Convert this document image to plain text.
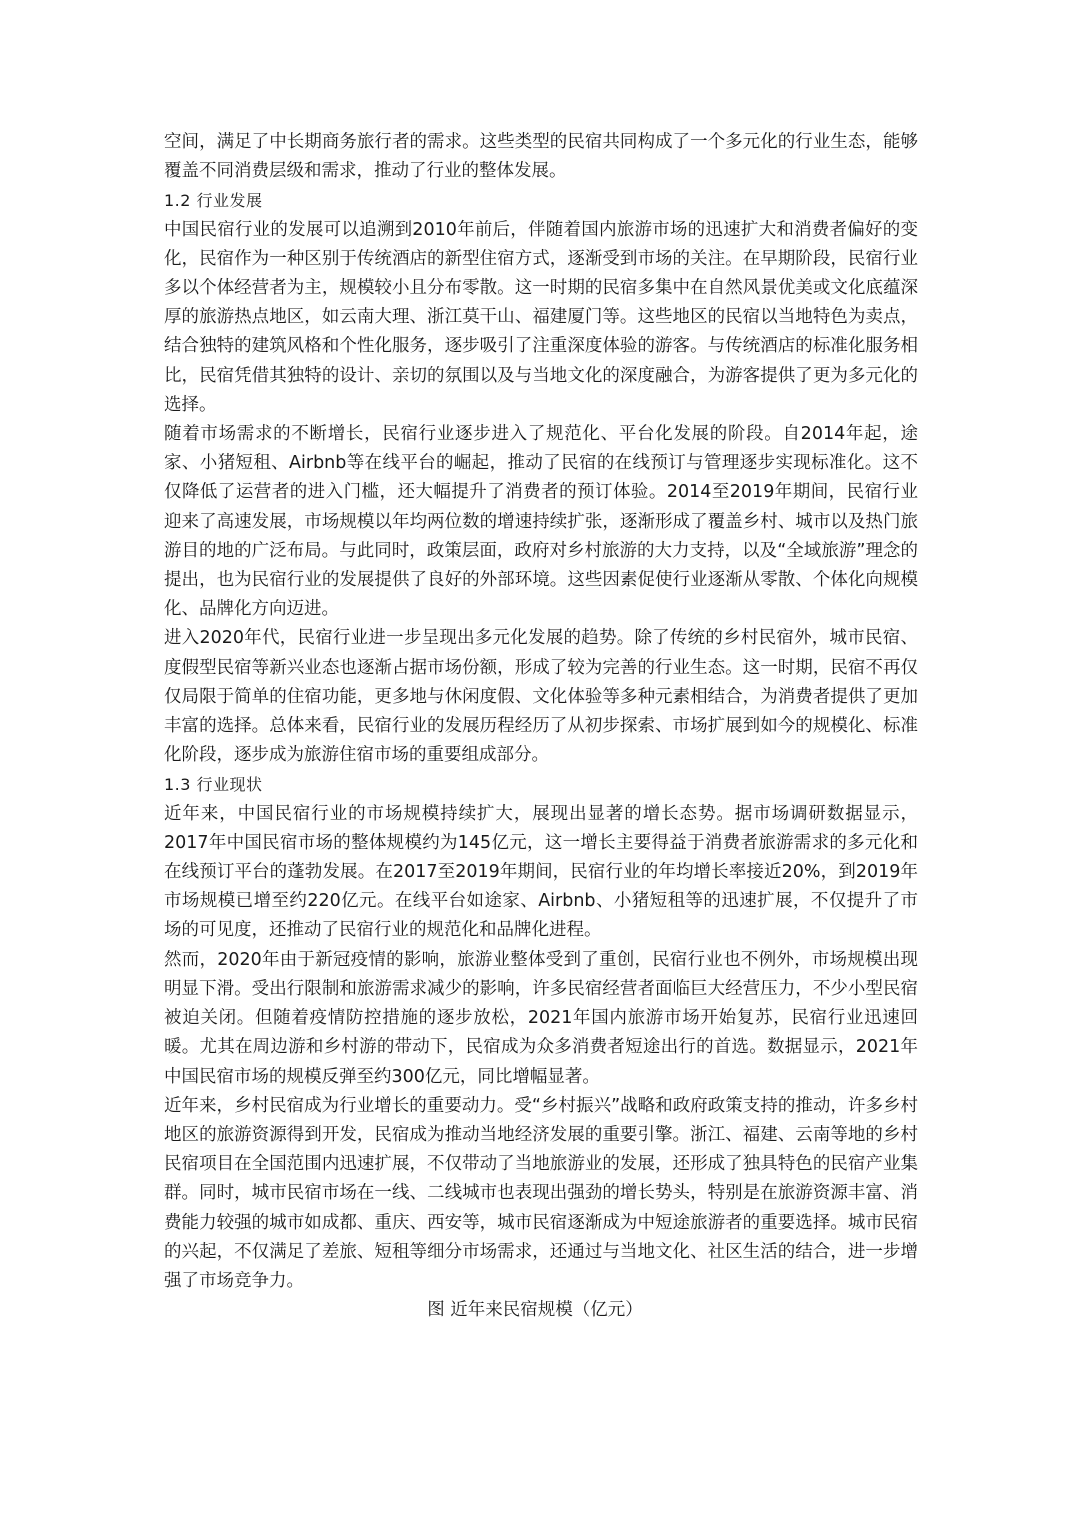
空间，满足了中长期商务旅行者的需求。这些类型的民宿共同构成了一个多元化的行业生态，能够覆盖不同消费层级和需求，推动了行业的整体发展。

1.2 行业发展

中国民宿行业的发展可以追溯到2010年前后，伴随着国内旅游市场的迅速扩大和消费者偏好的变化，民宿作为一种区别于传统酒店的新型住宿方式，逐渐受到市场的关注。在早期阶段，民宿行业多以个体经营者为主，规模较小且分布零散。这一时期的民宿多集中在自然风景优美或文化底蕴深厚的旅游热点地区，如云南大理、浙江莫干山、福建厦门等。这些地区的民宿以当地特色为卖点，结合独特的建筑风格和个性化服务，逐步吸引了注重深度体验的游客。与传统酒店的标准化服务相比，民宿凭借其独特的设计、亲切的氛围以及与当地文化的深度融合，为游客提供了更为多元化的选择。

随着市场需求的不断增长，民宿行业逐步进入了规范化、平台化发展的阶段。自2014年起，途家、小猪短租、Airbnb等在线平台的崛起，推动了民宿的在线预订与管理逐步实现标准化。这不仅降低了运营者的进入门槛，还大幅提升了消费者的预订体验。2014至2019年期间，民宿行业迎来了高速发展，市场规模以年均两位数的增速持续扩张，逐渐形成了覆盖乡村、城市以及热门旅游目的地的广泛布局。与此同时，政策层面，政府对乡村旅游的大力支持，以及“全域旅游”理念的提出，也为民宿行业的发展提供了良好的外部环境。这些因素促使行业逐渐从零散、个体化向规模化、品牌化方向迈进。

进入2020年代，民宿行业进一步呈现出多元化发展的趋势。除了传统的乡村民宿外，城市民宿、度假型民宿等新兴业态也逐渐占据市场份额，形成了较为完善的行业生态。这一时期，民宿不再仅仅局限于简单的住宿功能，更多地与休闲度假、文化体验等多种元素相结合，为消费者提供了更加丰富的选择。总体来看，民宿行业的发展历程经历了从初步探索、市场扩展到如今的规模化、标准化阶段，逐步成为旅游住宿市场的重要组成部分。

1.3 行业现状

近年来，中国民宿行业的市场规模持续扩大，展现出显著的增长态势。据市场调研数据显示，2017年中国民宿市场的整体规模约为145亿元，这一增长主要得益于消费者旅游需求的多元化和在线预订平台的蓬勃发展。在2017至2019年期间，民宿行业的年均增长率接近20%，到2019年市场规模已增至约220亿元。在线平台如途家、Airbnb、小猪短租等的迅速扩展，不仅提升了市场的可见度，还推动了民宿行业的规范化和品牌化进程。

然而，2020年由于新冠疫情的影响，旅游业整体受到了重创，民宿行业也不例外，市场规模出现明显下滑。受出行限制和旅游需求减少的影响，许多民宿经营者面临巨大经营压力，不少小型民宿被迫关闭。但随着疫情防控措施的逐步放松，2021年国内旅游市场开始复苏，民宿行业迅速回暖。尤其在周边游和乡村游的带动下，民宿成为众多消费者短途出行的首选。数据显示，2021年中国民宿市场的规模反弹至约300亿元，同比增幅显著。

近年来，乡村民宿成为行业增长的重要动力。受“乡村振兴”战略和政府政策支持的推动，许多乡村地区的旅游资源得到开发，民宿成为推动当地经济发展的重要引擎。浙江、福建、云南等地的乡村民宿项目在全国范围内迅速扩展，不仅带动了当地旅游业的发展，还形成了独具特色的民宿产业集群。同时，城市民宿市场在一线、二线城市也表现出强劲的增长势头，特别是在旅游资源丰富、消费能力较强的城市如成都、重庆、西安等，城市民宿逐渐成为中短途旅游者的重要选择。城市民宿的兴起，不仅满足了差旅、短租等细分市场需求，还通过与当地文化、社区生活的结合，进一步增强了市场竞争力。

图 近年来民宿规模（亿元）
